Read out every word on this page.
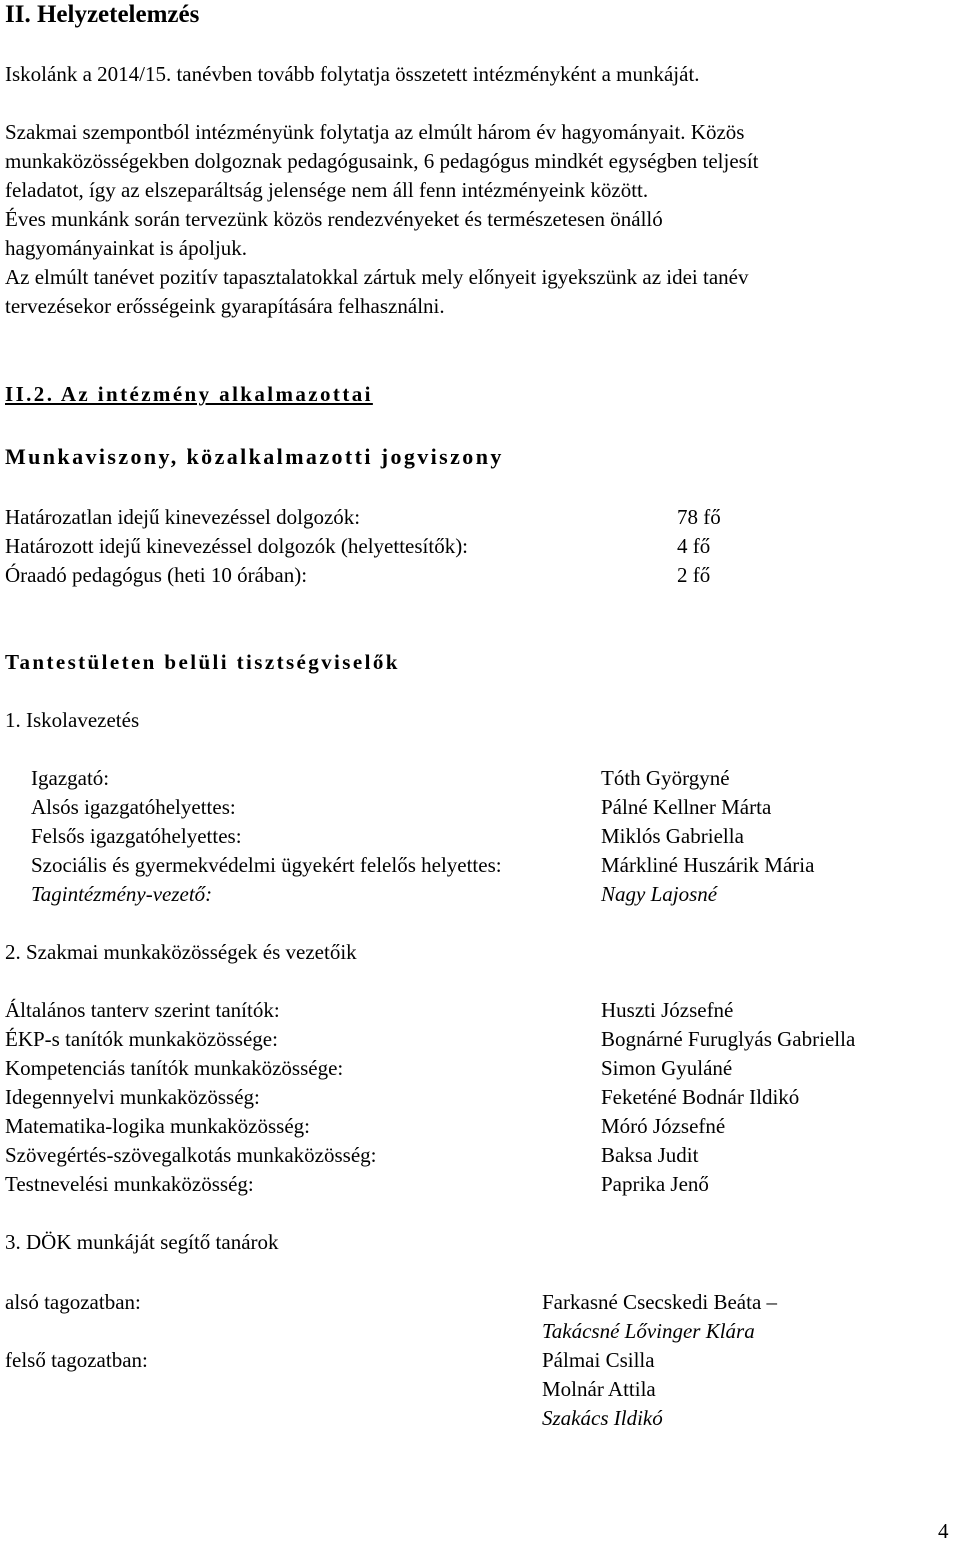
II. Helyzetelemzés
Iskolánk a 2014/15. tanévben tovább folytatja összetett intézményként a munkáját.
Szakmai szempontból intézményünk folytatja az elmúlt három év hagyományait. Közös
munkaközösségekben dolgoznak pedagógusaink, 6 pedagógus mindkét egységben teljesít
feladatot, így az elszeparáltság jelensége nem áll fenn intézményeink között.
Éves munkánk során tervezünk közös rendezvényeket és természetesen önálló
hagyományainkat is ápoljuk.
Az elmúlt tanévet pozitív tapasztalatokkal zártuk mely előnyeit igyekszünk az idei tanév
tervezésekor erősségeink gyarapítására felhasználni.
II.2. Az intézmény alkalmazottai
Munkaviszony, közalkalmazotti jogviszony
Határozatlan idejű kinevezéssel dolgozók:	78 fő
Határozott idejű kinevezéssel dolgozók (helyettesítők):	4 fő
Óraadó pedagógus (heti 10 órában):	2 fő
Tantestületen belüli tisztségviselők
1. Iskolavezetés
Igazgató:	Tóth Györgyné
Alsós igazgatóhelyettes:	Pálné Kellner Márta
Felsős igazgatóhelyettes:	Miklós Gabriella
Szociális és gyermekvédelmi ügyekért felelős helyettes:	Márkliné Huszárik Mária
Tagintézmény-vezető:	Nagy Lajosné
2. Szakmai munkaközösségek és vezetőik
Általános tanterv szerint tanítók:	Huszti Józsefné
ÉKP-s tanítók munkaközössége:	Bognárné Furuglyás Gabriella
Kompetenciás tanítók munkaközössége:	Simon Gyuláné
Idegennyelvi munkaközösség:	Feketéné Bodnár Ildikó
Matematika-logika munkaközösség:	Móró Józsefné
Szövegértés-szövegalkotás munkaközösség:	Baksa Judit
Testnevelési munkaközösség:	Paprika Jenő
3. DÖK munkáját segítő tanárok
alsó tagozatban:	Farkasné Csecskedi Beáta –
Takácsné Lővinger Klára
felső tagozatban:	Pálmai Csilla
Molnár Attila
Szakács Ildikó
4
